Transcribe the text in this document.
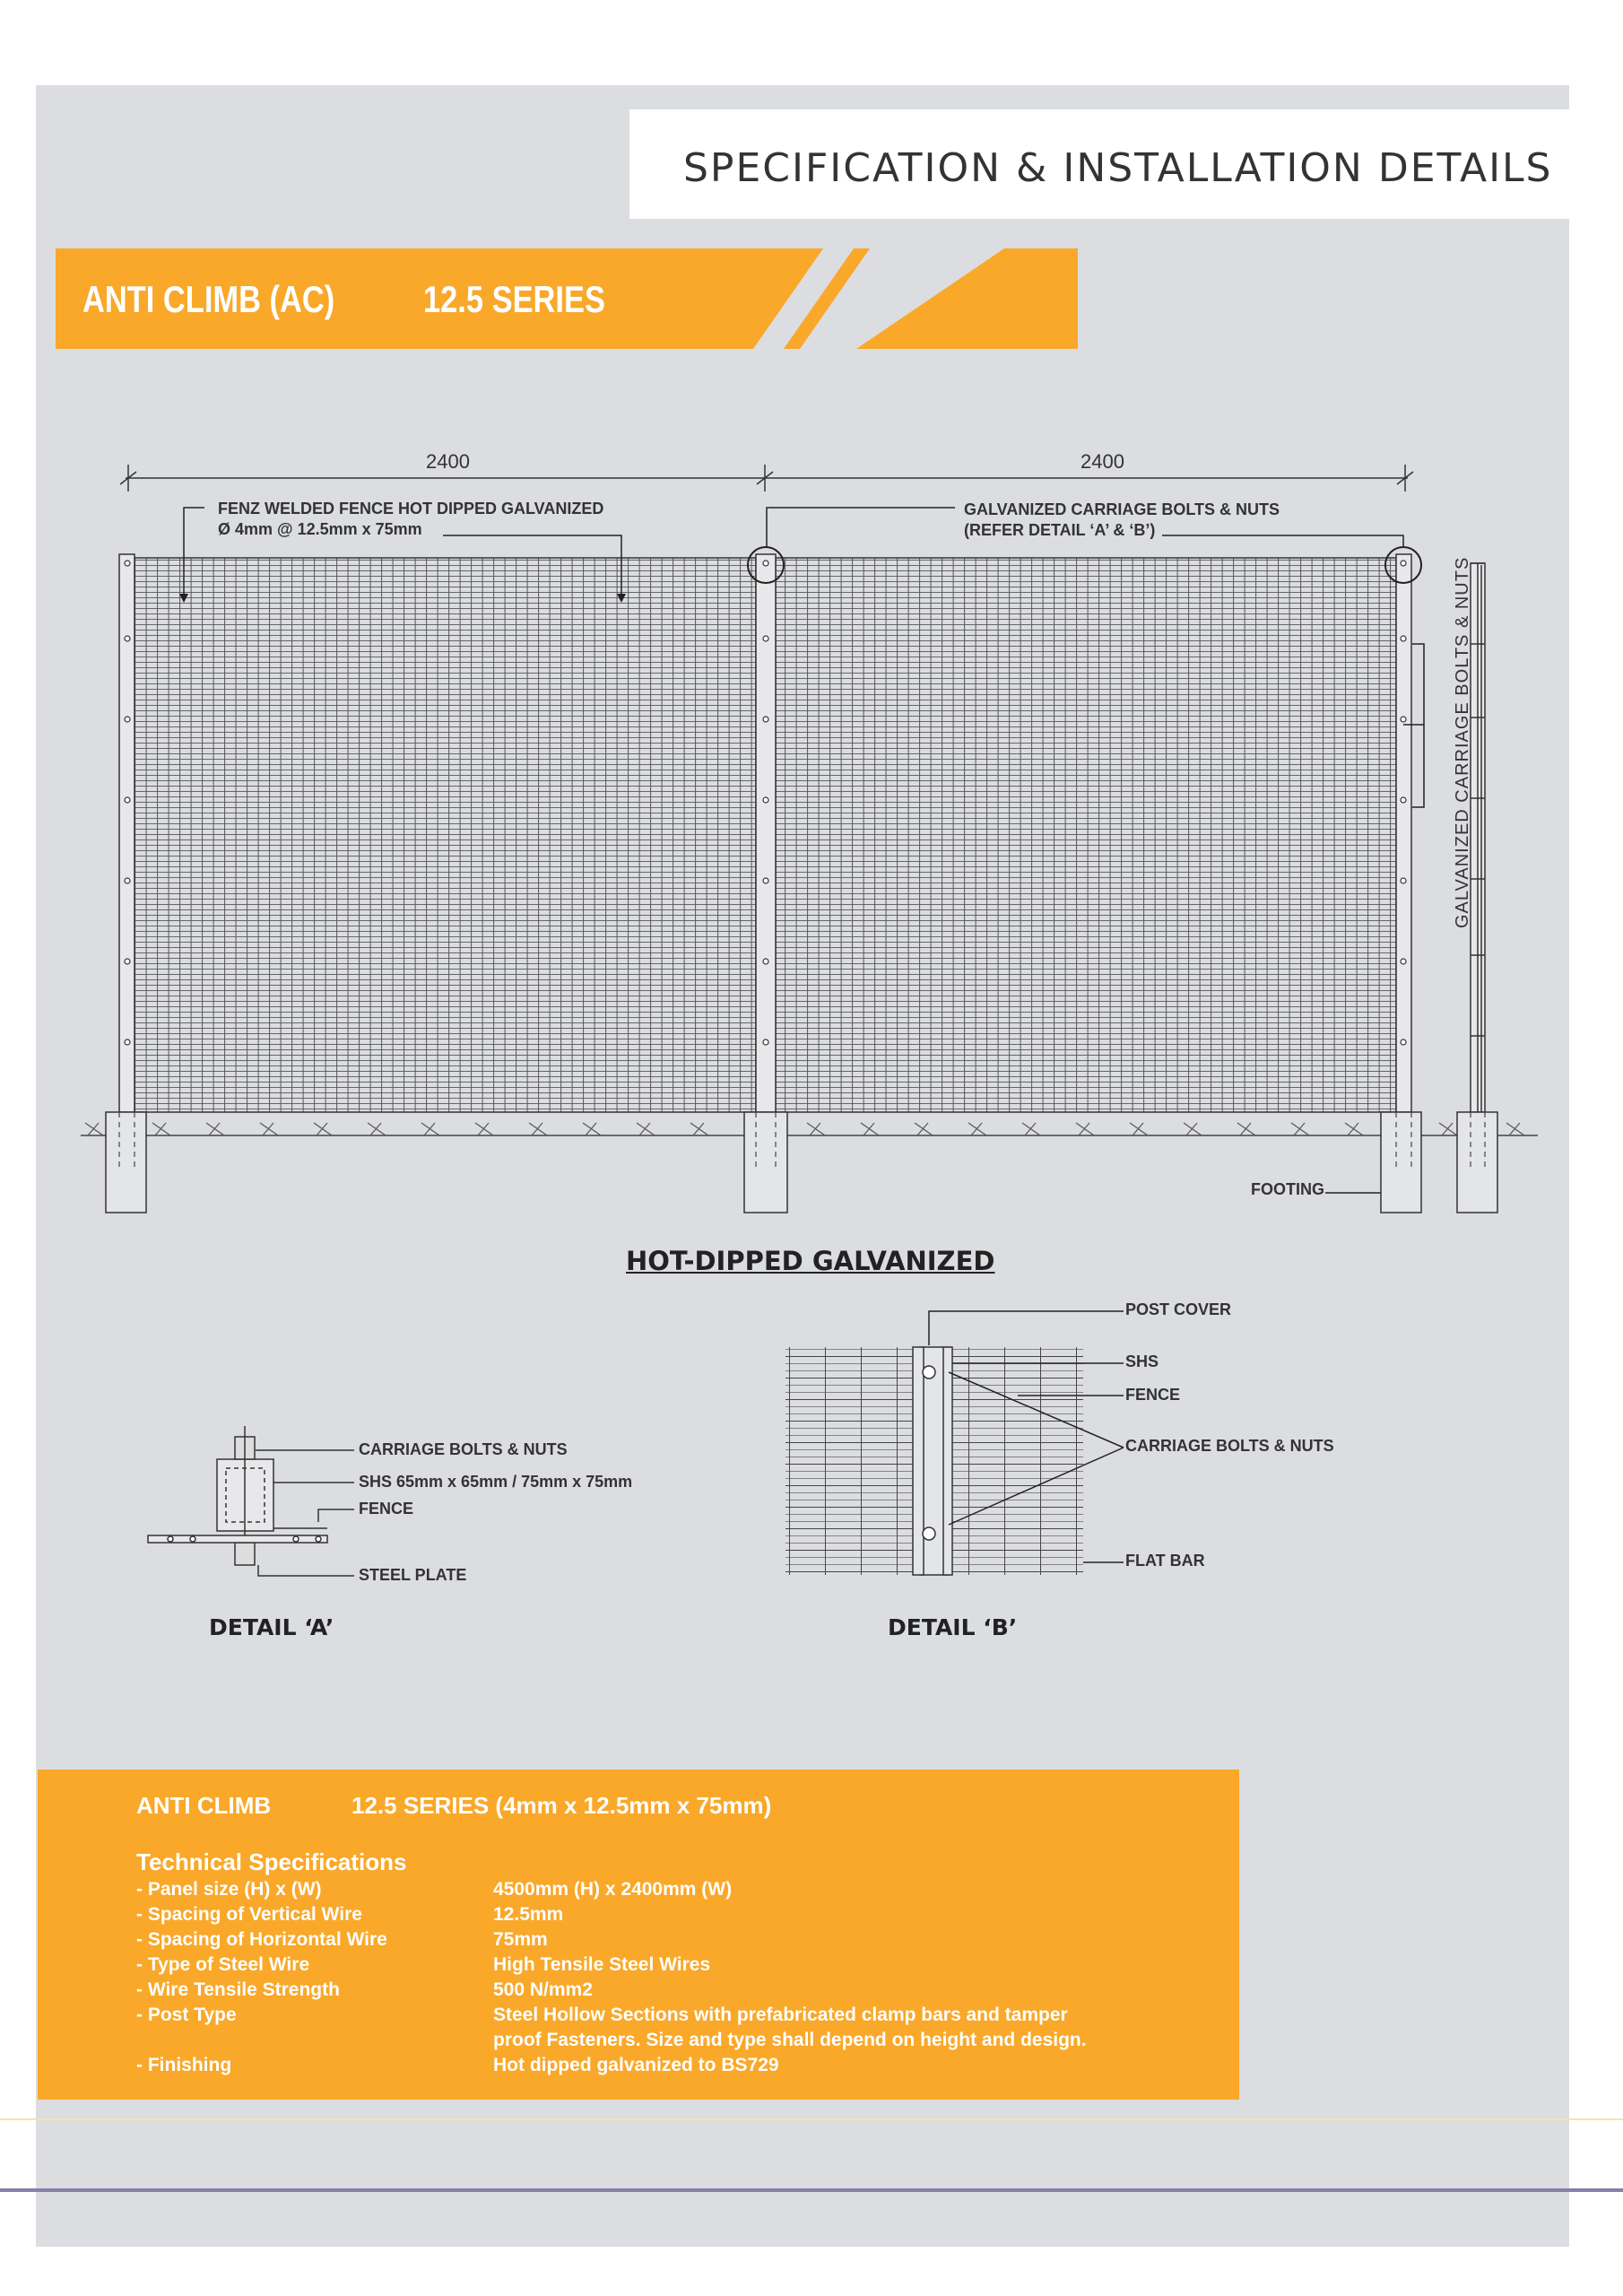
SPECIFICATION & INSTALLATION DETAILS
ANTI CLIMB (AC) 12.5 SERIES
2400	2400
FENZ WELDED FENCE HOT DIPPED GALVANIZED
Ø 4mm @ 12.5mm x 75mm
GALVANIZED CARRIAGE BOLTS & NUTS
(REFER DETAIL ‘A’ & ‘B’)
GALVANIZED CARRIAGE BOLTS & NUTS
FOOTING
HOT-DIPPED GALVANIZED
CARRIAGE BOLTS & NUTS
SHS 65mm x 65mm / 75mm x 75mm
FENCE
STEEL PLATE
DETAIL ‘A’
POST COVER
SHS
FENCE
CARRIAGE BOLTS & NUTS
FLAT BAR
DETAIL ‘B’
ANTI CLIMB	12.5 SERIES (4mm x 12.5mm x 75mm)
Technical Specifications
- Panel size (H) x (W)	4500mm (H) x 2400mm (W)
- Spacing of Vertical Wire	12.5mm
- Spacing of Horizontal Wire	75mm
- Type of Steel Wire	High Tensile Steel Wires
- Wire Tensile Strength	500 N/mm2
- Post Type	Steel Hollow Sections with prefabricated clamp bars and tamper
proof Fasteners. Size and type shall depend on height and design.
- Finishing	Hot dipped galvanized to BS729
